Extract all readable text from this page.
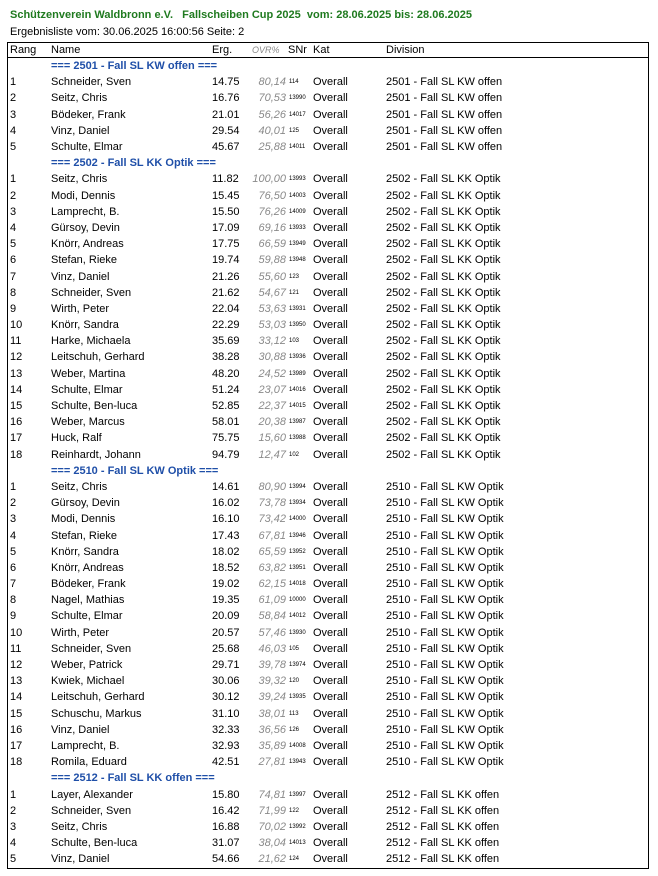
Schützenverein Waldbronn e.V.   Fallscheiben Cup 2025  vom: 28.06.2025 bis: 28.06.2025
Ergebnisliste vom: 30.06.2025 16:00:56 Seite: 2
Rang	Name	Erg.	OVR%	SNr	Kat	Division
	=== 2501 - Fall SL KW offen ===					
1	Schneider, Sven	14.75	80,14	114	Overall	2501 - Fall SL KW offen
2	Seitz, Chris	16.76	70,53	13990	Overall	2501 - Fall SL KW offen
3	Bödeker, Frank	21.01	56,26	14017	Overall	2501 - Fall SL KW offen
4	Vinz, Daniel	29.54	40,01	125	Overall	2501 - Fall SL KW offen
5	Schulte, Elmar	45.67	25,88	14011	Overall	2501 - Fall SL KW offen
	=== 2502 - Fall SL KK Optik ===					
1	Seitz, Chris	11.82	100,00	13993	Overall	2502 - Fall SL KK Optik
2	Modi, Dennis	15.45	76,50	14003	Overall	2502 - Fall SL KK Optik
3	Lamprecht, B.	15.50	76,26	14009	Overall	2502 - Fall SL KK Optik
4	Gürsoy, Devin	17.09	69,16	13933	Overall	2502 - Fall SL KK Optik
5	Knörr, Andreas	17.75	66,59	13949	Overall	2502 - Fall SL KK Optik
6	Stefan, Rieke	19.74	59,88	13948	Overall	2502 - Fall SL KK Optik
7	Vinz, Daniel	21.26	55,60	123	Overall	2502 - Fall SL KK Optik
8	Schneider, Sven	21.62	54,67	121	Overall	2502 - Fall SL KK Optik
9	Wirth, Peter	22.04	53,63	13931	Overall	2502 - Fall SL KK Optik
10	Knörr, Sandra	22.29	53,03	13950	Overall	2502 - Fall SL KK Optik
11	Harke, Michaela	35.69	33,12	103	Overall	2502 - Fall SL KK Optik
12	Leitschuh, Gerhard	38.28	30,88	13936	Overall	2502 - Fall SL KK Optik
13	Weber, Martina	48.20	24,52	13989	Overall	2502 - Fall SL KK Optik
14	Schulte, Elmar	51.24	23,07	14016	Overall	2502 - Fall SL KK Optik
15	Schulte, Ben-luca	52.85	22,37	14015	Overall	2502 - Fall SL KK Optik
16	Weber, Marcus	58.01	20,38	13987	Overall	2502 - Fall SL KK Optik
17	Huck, Ralf	75.75	15,60	13988	Overall	2502 - Fall SL KK Optik
18	Reinhardt, Johann	94.79	12,47	102	Overall	2502 - Fall SL KK Optik
	=== 2510 - Fall SL KW Optik ===					
1	Seitz, Chris	14.61	80,90	13994	Overall	2510 - Fall SL KW Optik
2	Gürsoy, Devin	16.02	73,78	13934	Overall	2510 - Fall SL KW Optik
3	Modi, Dennis	16.10	73,42	14000	Overall	2510 - Fall SL KW Optik
4	Stefan, Rieke	17.43	67,81	13946	Overall	2510 - Fall SL KW Optik
5	Knörr, Sandra	18.02	65,59	13952	Overall	2510 - Fall SL KW Optik
6	Knörr, Andreas	18.52	63,82	13951	Overall	2510 - Fall SL KW Optik
7	Bödeker, Frank	19.02	62,15	14018	Overall	2510 - Fall SL KW Optik
8	Nagel, Mathias	19.35	61,09	10000	Overall	2510 - Fall SL KW Optik
9	Schulte, Elmar	20.09	58,84	14012	Overall	2510 - Fall SL KW Optik
10	Wirth, Peter	20.57	57,46	13930	Overall	2510 - Fall SL KW Optik
11	Schneider, Sven	25.68	46,03	105	Overall	2510 - Fall SL KW Optik
12	Weber, Patrick	29.71	39,78	13974	Overall	2510 - Fall SL KW Optik
13	Kwiek, Michael	30.06	39,32	120	Overall	2510 - Fall SL KW Optik
14	Leitschuh, Gerhard	30.12	39,24	13935	Overall	2510 - Fall SL KW Optik
15	Schuschu, Markus	31.10	38,01	113	Overall	2510 - Fall SL KW Optik
16	Vinz, Daniel	32.33	36,56	126	Overall	2510 - Fall SL KW Optik
17	Lamprecht, B.	32.93	35,89	14008	Overall	2510 - Fall SL KW Optik
18	Romila, Eduard	42.51	27,81	13943	Overall	2510 - Fall SL KW Optik
	=== 2512 - Fall SL KK offen ===					
1	Layer, Alexander	15.80	74,81	13997	Overall	2512 - Fall SL KK offen
2	Schneider, Sven	16.42	71,99	122	Overall	2512 - Fall SL KK offen
3	Seitz, Chris	16.88	70,02	13992	Overall	2512 - Fall SL KK offen
4	Schulte, Ben-luca	31.07	38,04	14013	Overall	2512 - Fall SL KK offen
5	Vinz, Daniel	54.66	21,62	124	Overall	2512 - Fall SL KK offen
